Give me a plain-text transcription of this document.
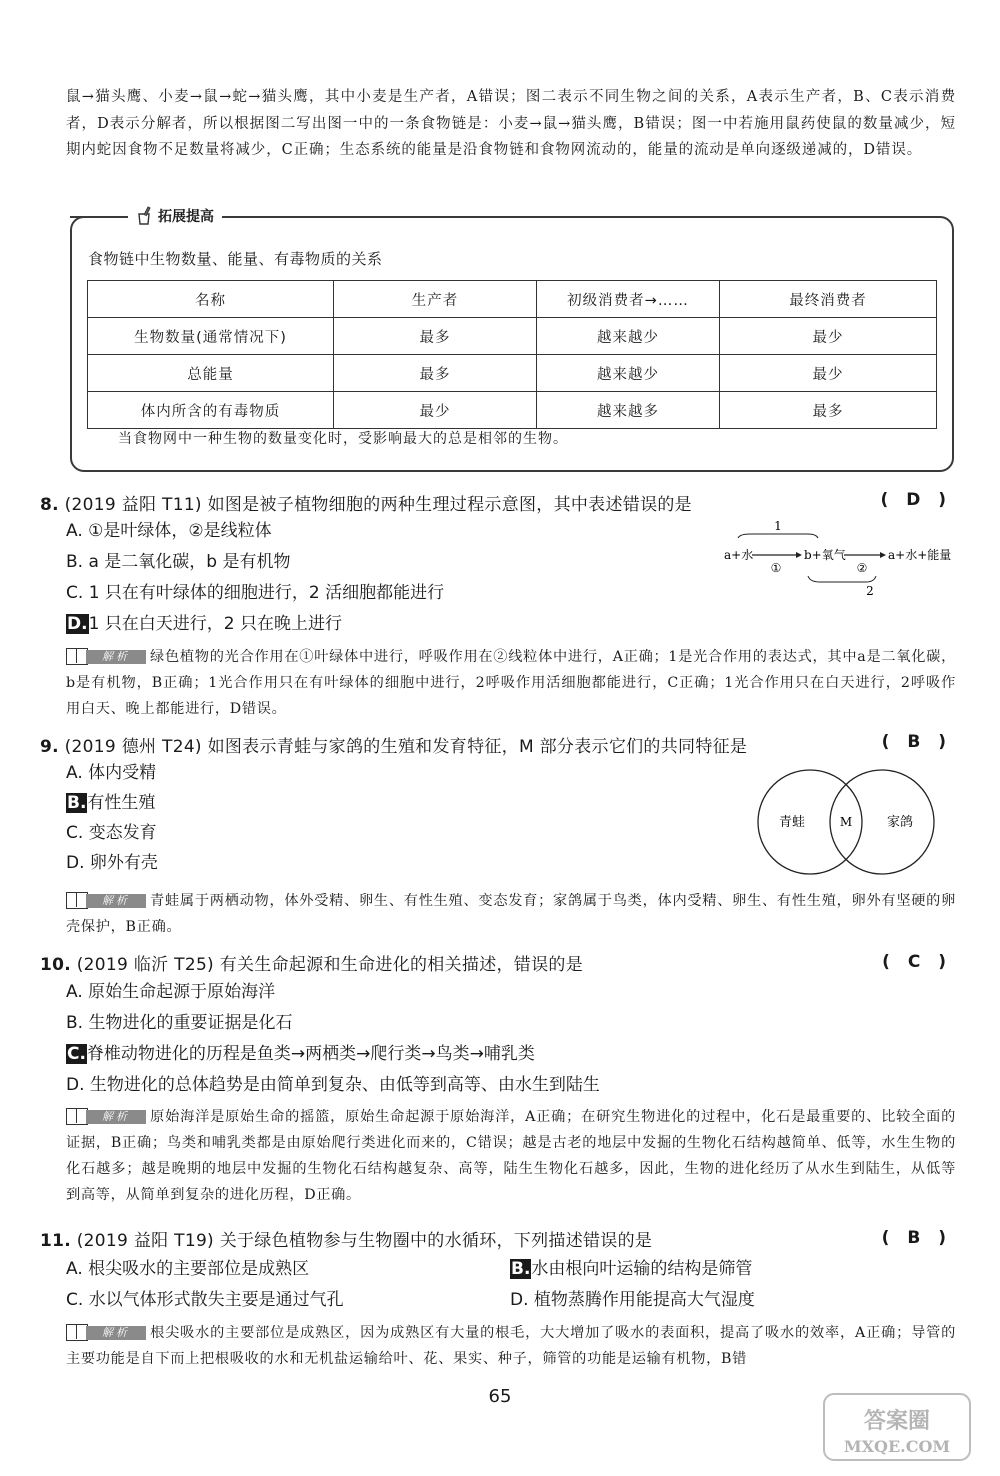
鼠→猫头鹰、小麦→鼠→蛇→猫头鹰，其中小麦是生产者，A错误；图二表示不同生物之间的关系，A表示生产者，B、C表示消费者，D表示分解者，所以根据图二写出图一中的一条食物链是：小麦→鼠→猫头鹰，B错误；图一中若施用鼠药使鼠的数量减少，短期内蛇因食物不足数量将减少，C正确；生态系统的能量是沿食物链和食物网流动的，能量的流动是单向逐级递减的，D错误。
拓展提高
食物链中生物数量、能量、有毒物质的关系
名称	生产者	初级消费者→……	最终消费者
生物数量(通常情况下)	最多	越来越少	最少
总能量	最多	越来越少	最少
体内所含的有毒物质	最少	越来越多	最多
当食物网中一种生物的数量变化时，受影响最大的总是相邻的生物。
8. (2019 益阳 T11) 如图是被子植物细胞的两种生理过程示意图，其中表述错误的是	( D )
A. ①是叶绿体，②是线粒体
B. a 是二氧化碳，b 是有机物
C. 1 只在有叶绿体的细胞进行，2 活细胞都能进行
D.1 只在白天进行，2 只在晚上进行
1
a+水
①
b+氧气
②
a+水+能量
2
解析	绿色植物的光合作用在①叶绿体中进行，呼吸作用在②线粒体中进行，A正确；1是光合作用的表达式，其中a是二氧化碳，b是有机物，B正确；1光合作用只在有叶绿体的细胞中进行，2呼吸作用活细胞都能进行，C正确；1光合作用只在白天进行，2呼吸作用白天、晚上都能进行，D错误。
9. (2019 德州 T24) 如图表示青蛙与家鸽的生殖和发育特征，M 部分表示它们的共同特征是	( B )
A. 体内受精
B.有性生殖
C. 变态发育
D. 卵外有壳
青蛙	M	家鸽
解析	青蛙属于两栖动物，体外受精、卵生、有性生殖、变态发育；家鸽属于鸟类，体内受精、卵生、有性生殖，卵外有坚硬的卵壳保护，B正确。
10. (2019 临沂 T25) 有关生命起源和生命进化的相关描述，错误的是	( C )
A. 原始生命起源于原始海洋
B. 生物进化的重要证据是化石
C.脊椎动物进化的历程是鱼类→两栖类→爬行类→鸟类→哺乳类
D. 生物进化的总体趋势是由简单到复杂、由低等到高等、由水生到陆生
解析	原始海洋是原始生命的摇篮，原始生命起源于原始海洋，A正确；在研究生物进化的过程中，化石是最重要的、比较全面的证据，B正确；鸟类和哺乳类都是由原始爬行类进化而来的，C错误；越是古老的地层中发掘的生物化石结构越简单、低等，水生生物的化石越多；越是晚期的地层中发掘的生物化石结构越复杂、高等，陆生生物化石越多，因此，生物的进化经历了从水生到陆生，从低等到高等，从简单到复杂的进化历程，D正确。
11. (2019 益阳 T19) 关于绿色植物参与生物圈中的水循环，下列描述错误的是	( B )
A. 根尖吸水的主要部位是成熟区	B.水由根向叶运输的结构是筛管
C. 水以气体形式散失主要是通过气孔	D. 植物蒸腾作用能提高大气湿度
解析	根尖吸水的主要部位是成熟区，因为成熟区有大量的根毛，大大增加了吸水的表面积，提高了吸水的效率，A正确；导管的主要功能是自下而上把根吸收的水和无机盐运输给叶、花、果实、种子，筛管的功能是运输有机物，B错
65
答案圈
MXQE.COM
